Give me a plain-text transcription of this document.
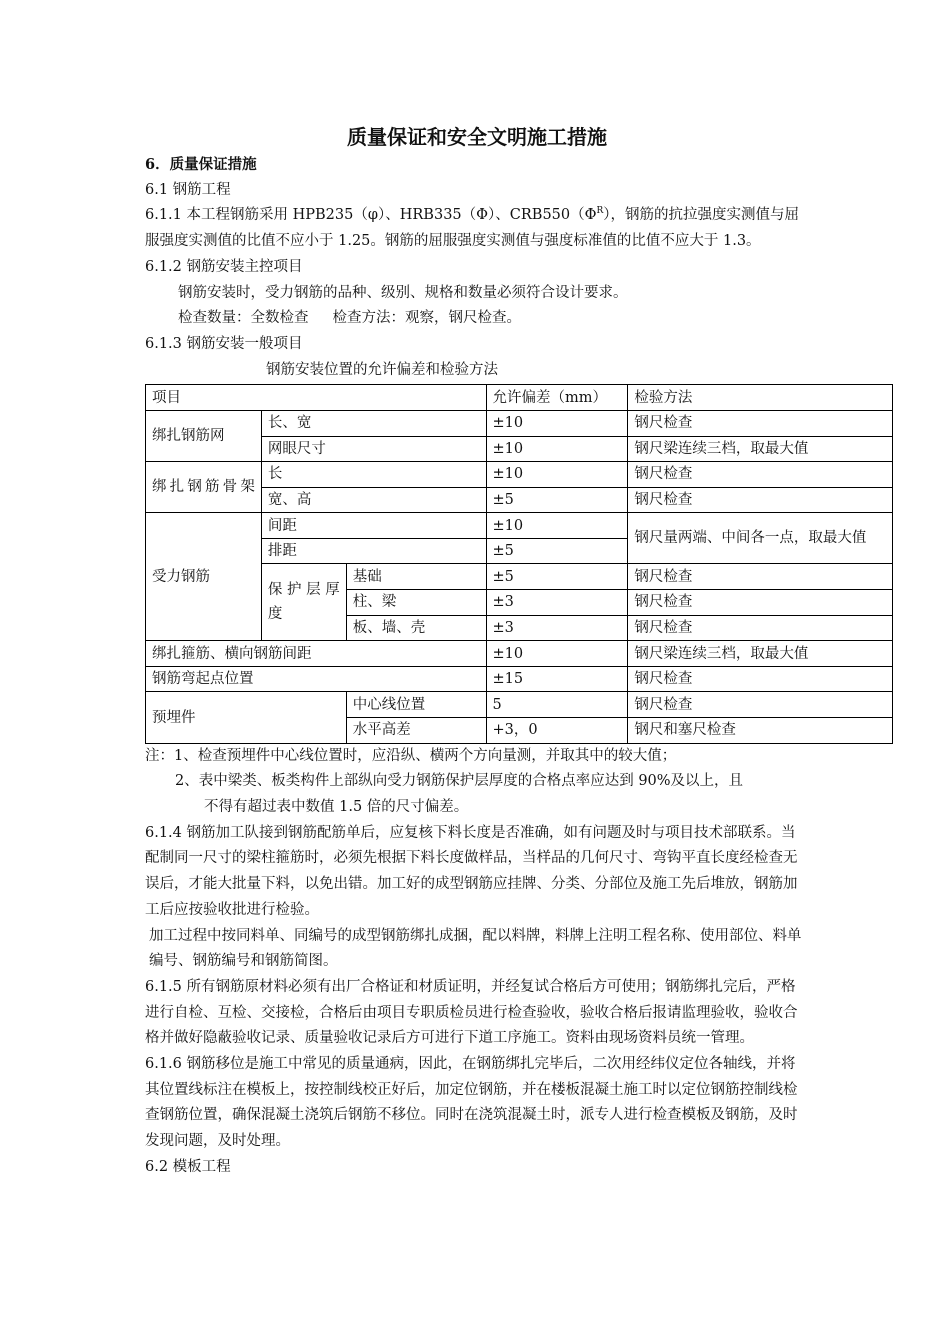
质量保证和安全文明施工措施

6．质量保证措施

6.1 钢筋工程

6.1.1 本工程钢筋采用 HPB235（φ）、HRB335（Φ）、$CRB550(\Phi^R)$，钢筋的抗拉强度实测值与屈服强度实测值的比值不应小于 1.25。钢筋的屈服强度实测值与强度标准值的比值不应大于 1.3。

6.1.2 钢筋安装主控项目

钢筋安装时，受力钢筋的品种、级别、规格和数量必须符合设计要求。

检查数量：全数检查 检查方法：观察，钢尺检查。

6.1.3 钢筋安装一般项目

钢筋安装位置的允许偏差和检验方法

项目			允许偏差（mm）	检验方法
绑扎钢筋网	长、宽		±10	钢尺检查
	网眼尺寸		±10	钢尺梁连续三档，取最大值
绑扎钢筋骨架	长		±10	钢尺检查
	宽、高		±5	钢尺检查
受力钢筋	间距		±10	钢尺量两端、中间各一点，取最大值
	排距		±5	
	保护层厚度	基础	±5	钢尺检查
		柱、梁	±3	钢尺检查
		板、墙、壳	±3	钢尺检查
绑扎箍筋、横向钢筋间距			±10	钢尺梁连续三档，取最大值
钢筋弯起点位置			±15	钢尺检查
预埋件		中心线位置	5	钢尺检查
		水平高差	+3，0	钢尺和塞尺检查

注：1、检查预埋件中心线位置时，应沿纵、横两个方向量测，并取其中的较大值；

2、表中梁类、板类构件上部纵向受力钢筋保护层厚度的合格点率应达到 90%及以上，且

不得有超过表中数值 1.5 倍的尺寸偏差。

6.1.4 钢筋加工队接到钢筋配筋单后，应复核下料长度是否准确，如有问题及时与项目技术部联系。当配制同一尺寸的梁柱箍筋时，必须先根据下料长度做样品，当样品的几何尺寸、弯钩平直长度经检查无误后，才能大批量下料，以免出错。加工好的成型钢筋应挂牌、分类、分部位及施工先后堆放，钢筋加工后应按验收批进行检验。

加工过程中按同料单、同编号的成型钢筋绑扎成捆，配以料牌，料牌上注明工程名称、使用部位、料单编号、钢筋编号和钢筋简图。

6.1.5 所有钢筋原材料必须有出厂合格证和材质证明，并经复试合格后方可使用；钢筋绑扎完后，严格进行自检、互检、交接检，合格后由项目专职质检员进行检查验收，验收合格后报请监理验收，验收合格并做好隐蔽验收记录、质量验收记录后方可进行下道工序施工。资料由现场资料员统一管理。

6.1.6 钢筋移位是施工中常见的质量通病，因此，在钢筋绑扎完毕后，二次用经纬仪定位各轴线，并将其位置线标注在模板上，按控制线校正好后，加定位钢筋，并在楼板混凝土施工时以定位钢筋控制线检查钢筋位置，确保混凝土浇筑后钢筋不移位。同时在浇筑混凝土时，派专人进行检查模板及钢筋，及时发现问题，及时处理。

6.2 模板工程
